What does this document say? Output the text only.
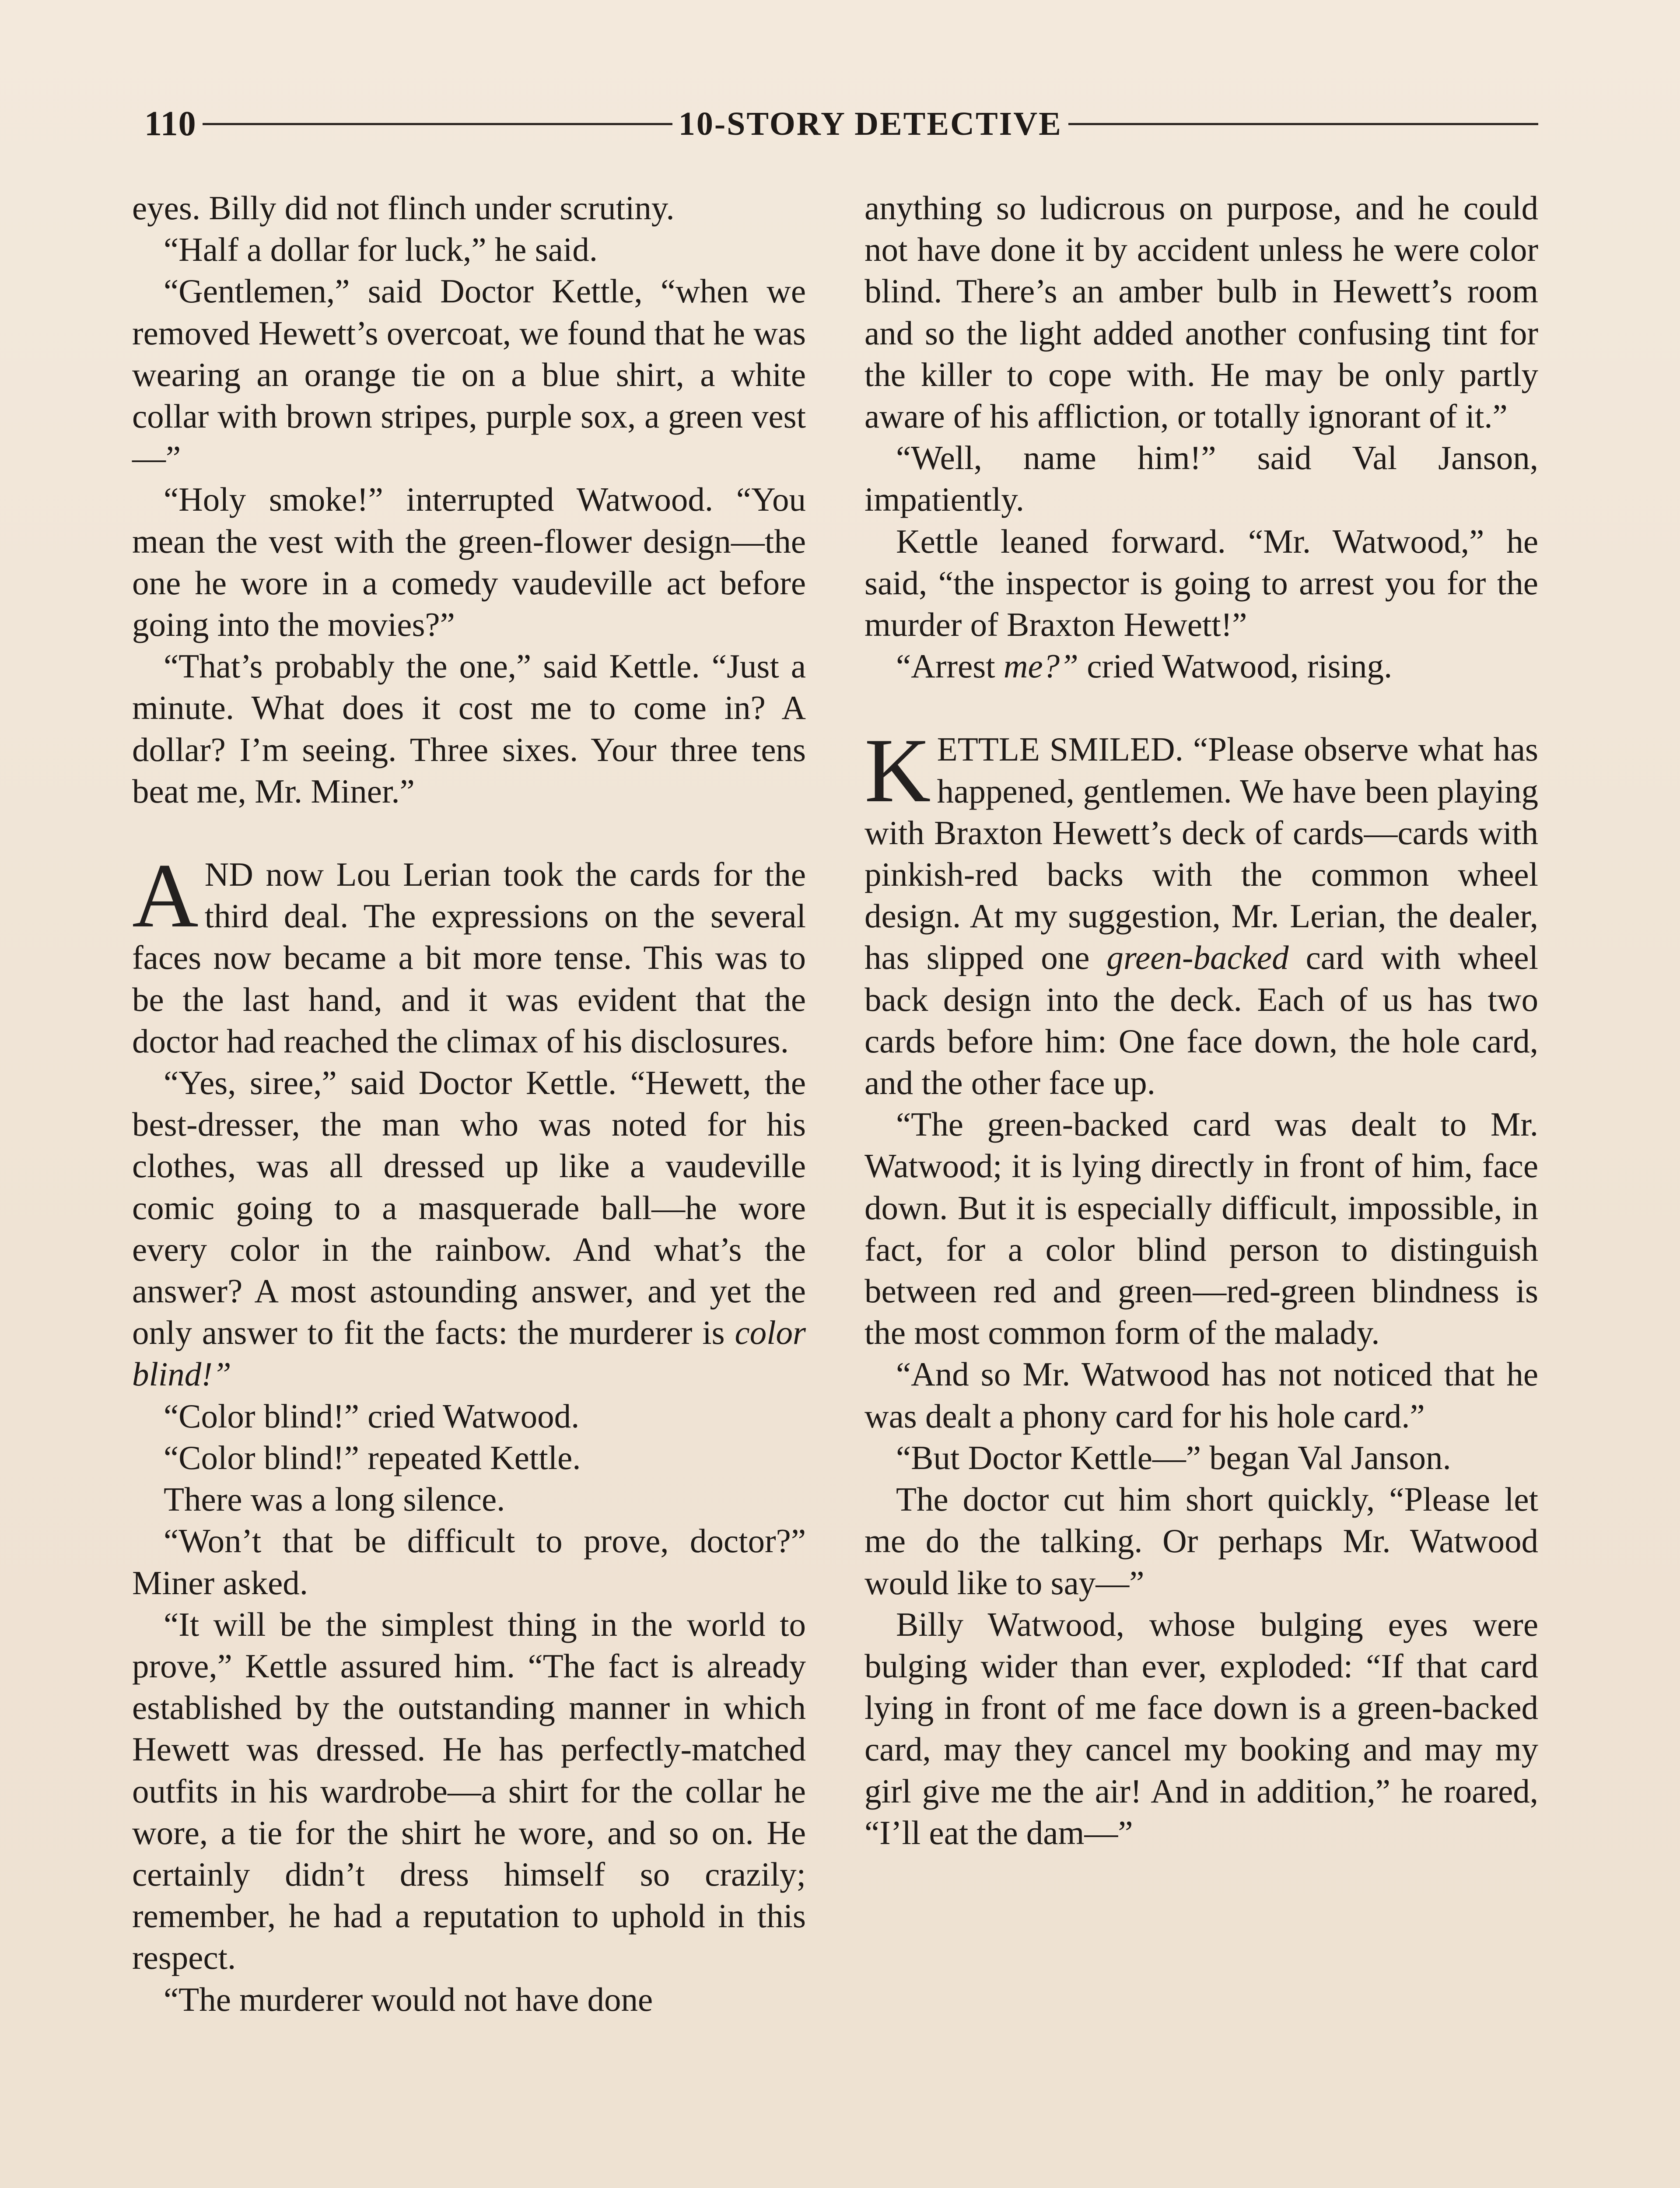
110	10-STORY DETECTIVE

eyes. Billy did not flinch under scrutiny.

“Half a dollar for luck,” he said.

“Gentlemen,” said Doctor Kettle, “when we removed Hewett’s overcoat, we found that he was wearing an orange tie on a blue shirt, a white collar with brown stripes, purple sox, a green vest—”

“Holy smoke!” interrupted Watwood. “You mean the vest with the green-flower design—the one he wore in a comedy vaudeville act before going into the movies?”

“That’s probably the one,” said Kettle. “Just a minute. What does it cost me to come in? A dollar? I’m seeing. Three sixes. Your three tens beat me, Mr. Miner.”

AND now Lou Lerian took the cards for the third deal. The expressions on the several faces now became a bit more tense. This was to be the last hand, and it was evident that the doctor had reached the climax of his disclosures.

“Yes, siree,” said Doctor Kettle. “Hewett, the best-dresser, the man who was noted for his clothes, was all dressed up like a vaudeville comic going to a masquerade ball—he wore every color in the rainbow. And what’s the answer? A most astounding answer, and yet the only answer to fit the facts: the murderer is color blind!”

“Color blind!” cried Watwood.

“Color blind!” repeated Kettle.

There was a long silence.

“Won’t that be difficult to prove, doctor?” Miner asked.

“It will be the simplest thing in the world to prove,” Kettle assured him. “The fact is already established by the outstanding manner in which Hewett was dressed. He has perfectly-matched outfits in his wardrobe—a shirt for the collar he wore, a tie for the shirt he wore, and so on. He certainly didn’t dress himself so crazily; remember, he had a reputation to uphold in this respect.

“The murderer would not have done

anything so ludicrous on purpose, and he could not have done it by accident unless he were color blind. There’s an amber bulb in Hewett’s room and so the light added another confusing tint for the killer to cope with. He may be only partly aware of his affliction, or totally ignorant of it.”

“Well, name him!” said Val Janson, impatiently.

Kettle leaned forward. “Mr. Watwood,” he said, “the inspector is going to arrest you for the murder of Braxton Hewett!”

“Arrest me?” cried Watwood, rising.

KETTLE SMILED. “Please observe what has happened, gentlemen. We have been playing with Braxton Hewett’s deck of cards—cards with pinkish-red backs with the common wheel design. At my suggestion, Mr. Lerian, the dealer, has slipped one green-backed card with wheel back design into the deck. Each of us has two cards before him: One face down, the hole card, and the other face up.

“The green-backed card was dealt to Mr. Watwood; it is lying directly in front of him, face down. But it is especially difficult, impossible, in fact, for a color blind person to distinguish between red and green—red-green blindness is the most common form of the malady.

“And so Mr. Watwood has not noticed that he was dealt a phony card for his hole card.”

“But Doctor Kettle—” began Val Janson.

The doctor cut him short quickly, “Please let me do the talking. Or perhaps Mr. Watwood would like to say—”

Billy Watwood, whose bulging eyes were bulging wider than ever, exploded: “If that card lying in front of me face down is a green-backed card, may they cancel my booking and may my girl give me the air! And in addition,” he roared, “I’ll eat the dam—”
